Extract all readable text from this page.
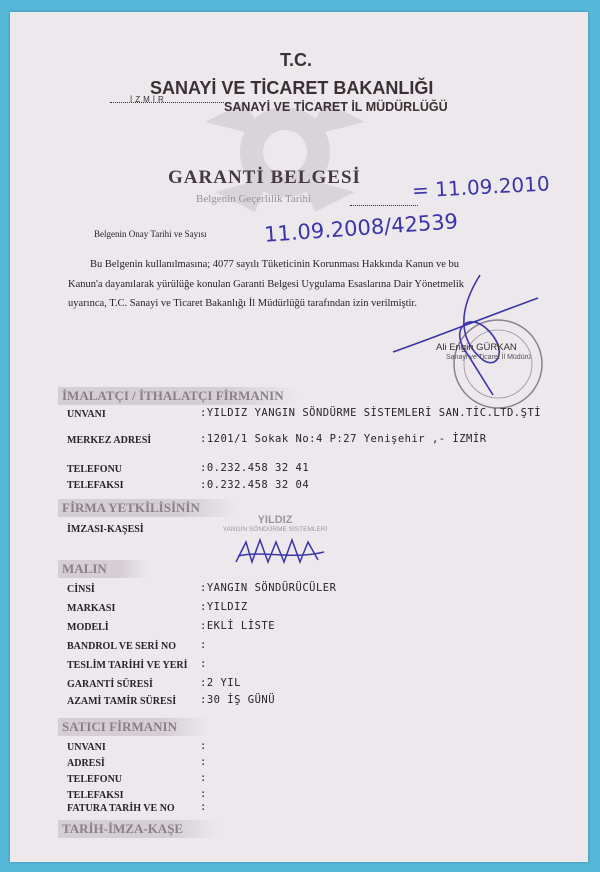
T.C.
SANAYİ VE TİCARET BAKANLIĞI
İZMİR
SANAYİ VE TİCARET İL MÜDÜRLÜĞÜ
GARANTİ BELGESİ
Belgenin Geçerlilik Tarihi	= 11.09.2010
Belgenin Onay Tarihi ve Sayısı	11.09.2008/42539
Bu Belgenin kullanılmasına; 4077 sayılı Tüketicinin Korunması Hakkında Kanun ve bu
Kanun'a dayanılarak yürülüğe konulan Garanti Belgesi Uygulama Esaslarına Dair Yönetmelik
uyarınca, T.C. Sanayi ve Ticaret Bakanlığı İl Müdürlüğü tarafından izin verilmiştir.
Ali Engin GÜRKAN
Sanayi ve Ticaret İl Müdürü
İMALATÇI / İTHALATÇI FİRMANIN
UNVANI	:YILDIZ YANGIN SÖNDÜRME SİSTEMLERİ SAN.TİC.LTD.ŞTİ
MERKEZ ADRESİ	:1201/1 Sokak No:4 P:27 Yenişehir ,- İZMİR
TELEFONU	:0.232.458 32 41
TELEFAKSI	:0.232.458 32 04
FİRMA YETKİLİSİNİN
İMZASI-KAŞESİ
YILDIZ
YANGIN SÖNDÜRME SİSTEMLERİ
MALIN
CİNSİ	:YANGIN SÖNDÜRÜCÜLER
MARKASI	:YILDIZ
MODELİ	:EKLİ LİSTE
BANDROL VE SERİ NO :
TESLİM TARİHİ VE YERİ :
GARANTİ SÜRESİ	:2 YIL
AZAMİ TAMİR SÜRESİ :30 İŞ GÜNÜ
SATICI FİRMANIN
UNVANI	:
ADRESİ	:
TELEFONU	:
TELEFAKSI	:
FATURA TARİH VE NO :
TARİH-İMZA-KAŞE
